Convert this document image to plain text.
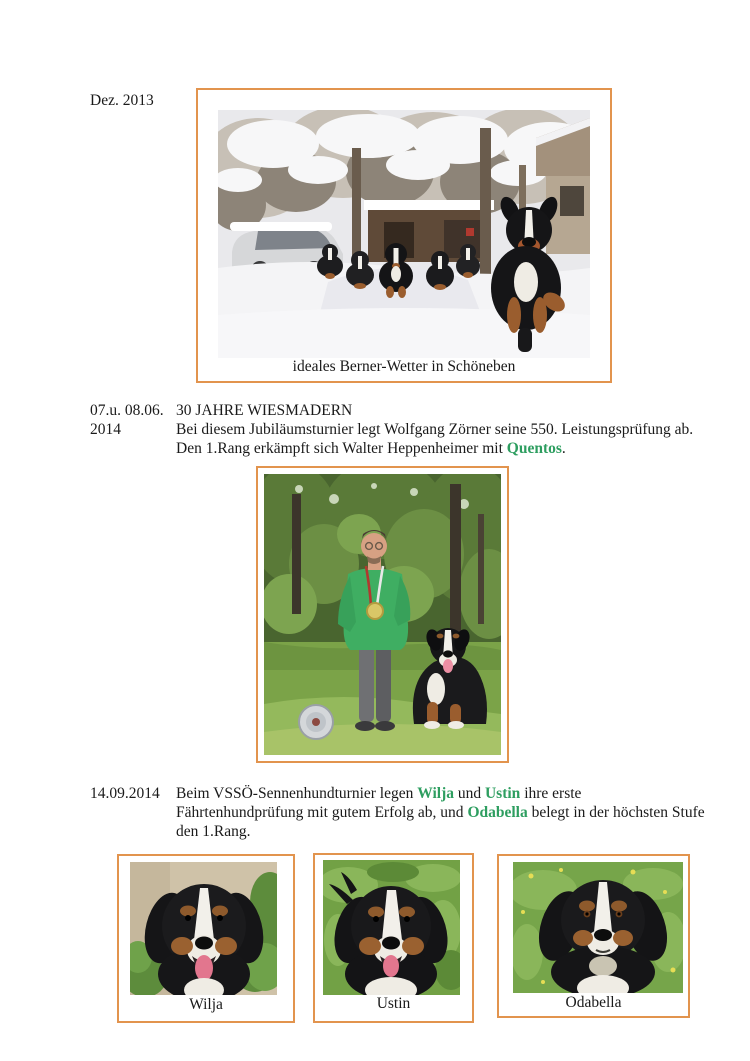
Dez. 2013
ideales Berner-Wetter in Schöneben
07.u. 08.06.
2014
30 JAHRE WIESMADERN
Bei diesem Jubiläumsturnier legt Wolfgang Zörner seine 550. Leistungsprüfung ab.
Den 1.Rang erkämpft sich Walter Heppenheimer mit Quentos.
14.09.2014 Beim VSSÖ-Sennenhundturnier legen Wilja und Ustin ihre erste
Fährtenhundprüfung mit gutem Erfolg ab, und Odabella belegt in der höchsten Stufe
den 1.Rang.
Wilja	Ustin	Odabella
